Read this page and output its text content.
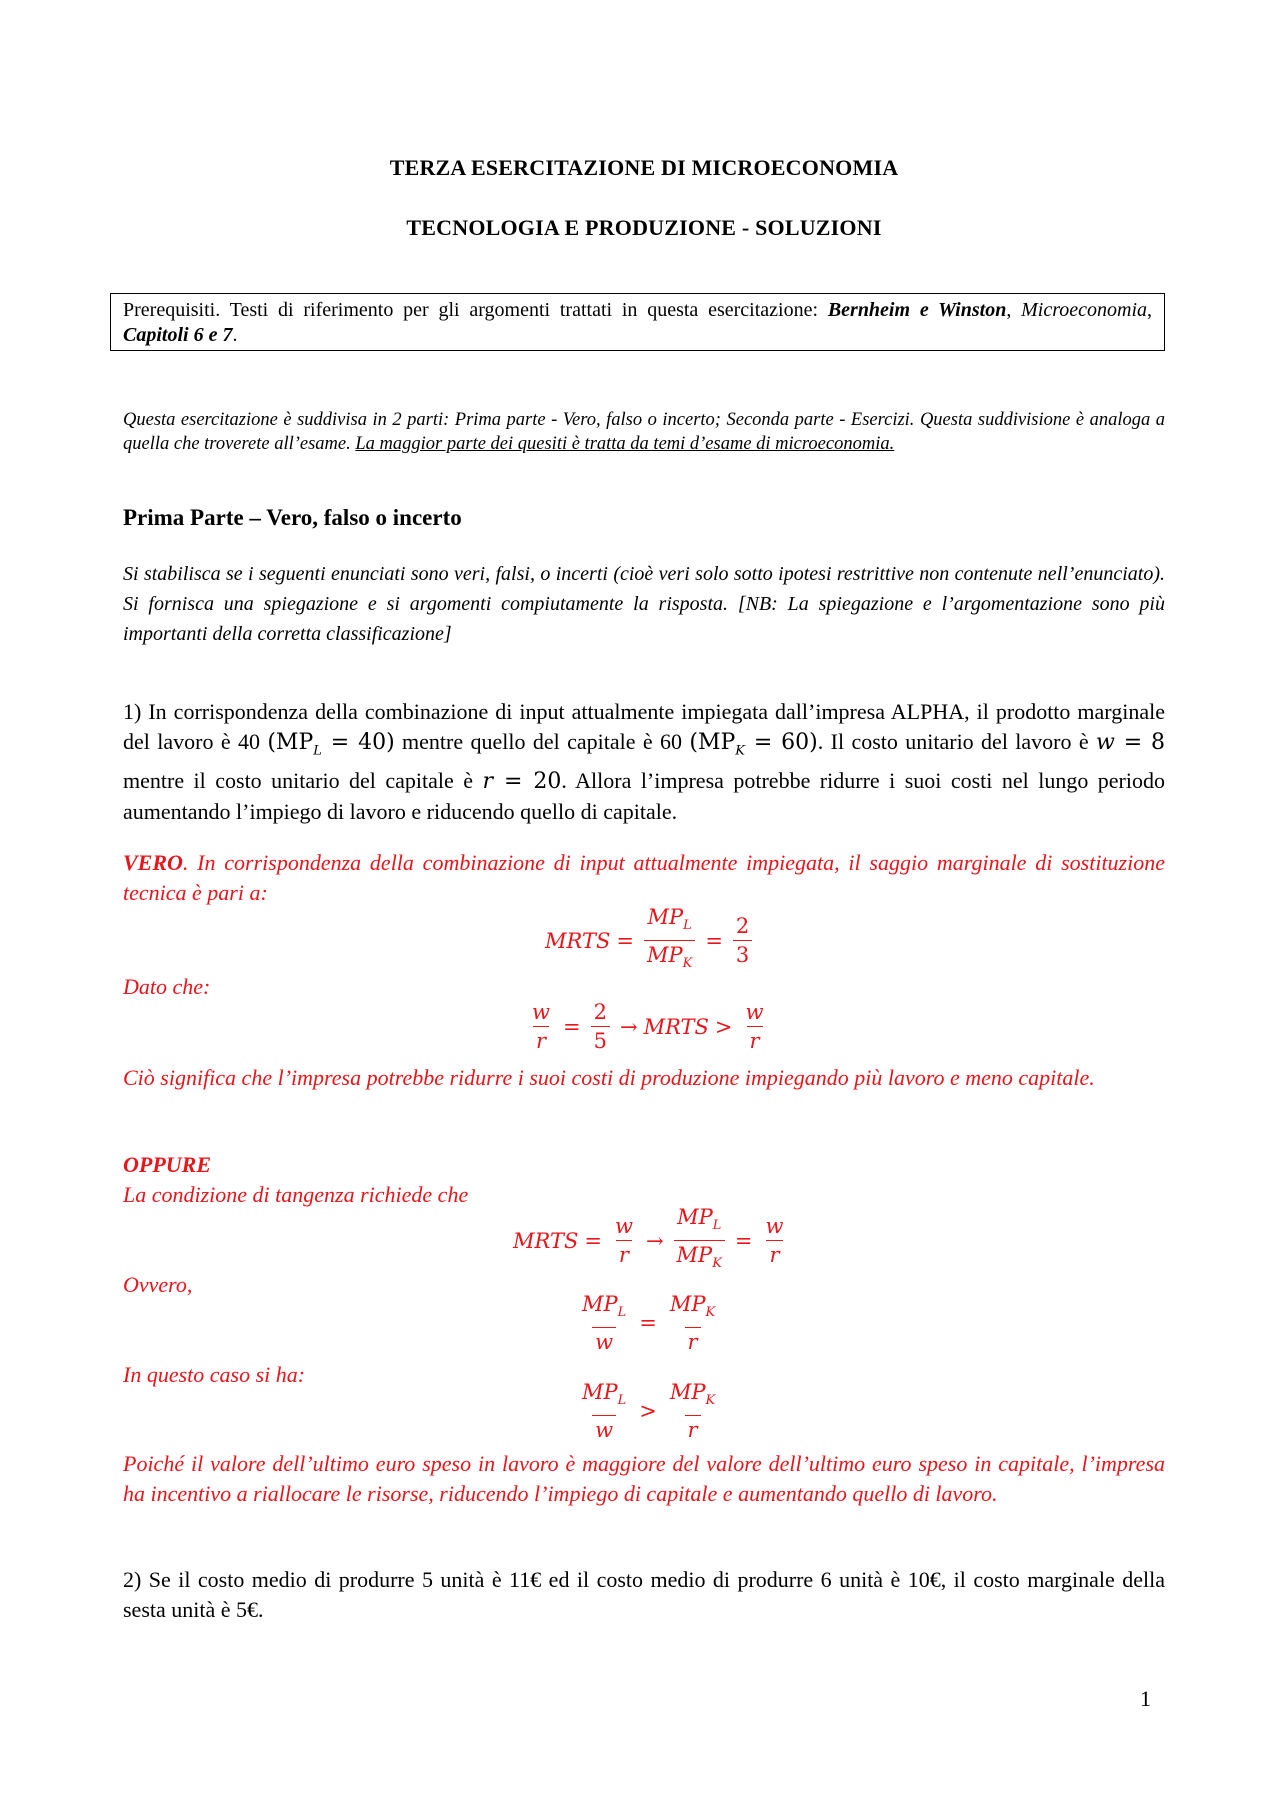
TERZA ESERCITAZIONE DI MICROECONOMIA
TECNOLOGIA E PRODUZIONE - SOLUZIONI
Prerequisiti. Testi di riferimento per gli argomenti trattati in questa esercitazione: Bernheim e Winston, Microeconomia, Capitoli 6 e 7.
Questa esercitazione è suddivisa in 2 parti: Prima parte - Vero, falso o incerto; Seconda parte - Esercizi. Questa suddivisione è analoga a quella che troverete all’esame. La maggior parte dei quesiti è tratta da temi d’esame di microeconomia.
Prima Parte – Vero, falso o incerto
Si stabilisca se i seguenti enunciati sono veri, falsi, o incerti (cioè veri solo sotto ipotesi restrittive non contenute nell’enunciato). Si fornisca una spiegazione e si argomenti compiutamente la risposta. [NB: La spiegazione e l’argomentazione sono più importanti della corretta classificazione]
1) In corrispondenza della combinazione di input attualmente impiegata dall’impresa ALPHA, il prodotto marginale del lavoro è 40 $(MP_L = 40)$ mentre quello del capitale è 60 $(MP_K = 60)$. Il costo unitario del lavoro è w = 8 mentre il costo unitario del capitale è r = 20. Allora l’impresa potrebbe ridurre i suoi costi nel lungo periodo aumentando l’impiego di lavoro e riducendo quello di capitale.
VERO. In corrispondenza della combinazione di input attualmente impiegata, il saggio marginale di sostituzione tecnica è pari a:
MRTS = $\frac{MP_L}{MP_K} = \frac{2}{3}$
Dato che:
$\frac{w}{r} = \frac{2}{5}$ → MRTS > $\frac{w}{r}$
Ciò significa che l’impresa potrebbe ridurre i suoi costi di produzione impiegando più lavoro e meno capitale.
OPPURE
La condizione di tangenza richiede che
MRTS = $\frac{w}{r} \to \frac{MP_L}{MP_K} = \frac{w}{r}$
Ovvero,
$\frac{MP_L}{w} = \frac{MP_K}{r}$
In questo caso si ha:
$\frac{MP_L}{w} > \frac{MP_K}{r}$
Poiché il valore dell’ultimo euro speso in lavoro è maggiore del valore dell’ultimo euro speso in capitale, l’impresa ha incentivo a riallocare le risorse, riducendo l’impiego di capitale e aumentando quello di lavoro.
2) Se il costo medio di produrre 5 unità è 11€ ed il costo medio di produrre 6 unità è 10€, il costo marginale della sesta unità è 5€.
1
